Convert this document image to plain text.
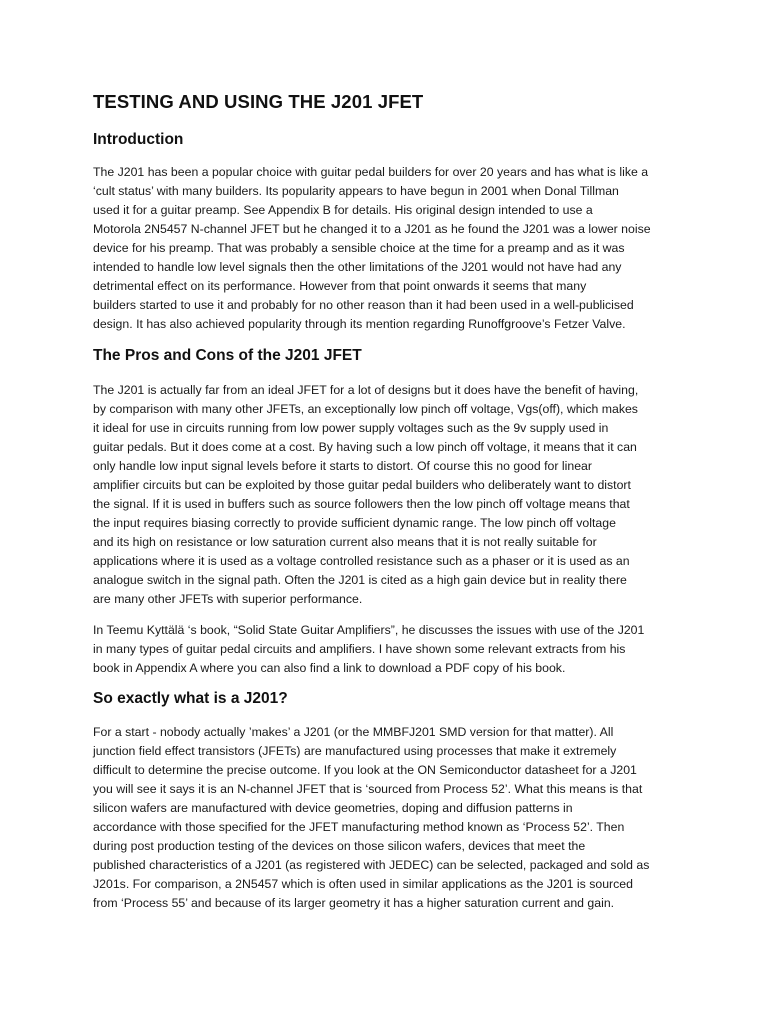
TESTING AND USING THE J201 JFET
Introduction
The J201 has been a popular choice with guitar pedal builders for over 20 years and has what is like a
‘cult status’ with many builders. Its popularity appears to have begun in 2001 when Donal Tillman
used it for a guitar preamp. See Appendix B for details. His original design intended to use a
Motorola 2N5457 N-channel JFET but he changed it to a J201 as he found the J201 was a lower noise
device for his preamp. That was probably a sensible choice at the time for a preamp and as it was
intended to handle low level signals then the other limitations of the J201 would not have had any
detrimental effect on its performance. However from that point onwards it seems that many
builders started to use it and probably for no other reason than it had been used in a well-publicised
design. It has also achieved popularity through its mention regarding Runoffgroove’s Fetzer Valve.
The Pros and Cons of the J201 JFET
The J201 is actually far from an ideal JFET for a lot of designs but it does have the benefit of having,
by comparison with many other JFETs, an exceptionally low pinch off voltage, Vgs(off), which makes
it ideal for use in circuits running from low power supply voltages such as the 9v supply used in
guitar pedals. But it does come at a cost. By having such a low pinch off voltage, it means that it can
only handle low input signal levels before it starts to distort. Of course this no good for linear
amplifier circuits but can be exploited by those guitar pedal builders who deliberately want to distort
the signal. If it is used in buffers such as source followers then the low pinch off voltage means that
the input requires biasing correctly to provide sufficient dynamic range. The low pinch off voltage
and its high on resistance or low saturation current also means that it is not really suitable for
applications where it is used as a voltage controlled resistance such as a phaser or it is used as an
analogue switch in the signal path. Often the J201 is cited as a high gain device but in reality there
are many other JFETs with superior performance.
In Teemu Kyttälä ‘s book, “Solid State Guitar Amplifiers”, he discusses the issues with use of the J201
in many types of guitar pedal circuits and amplifiers. I have shown some relevant extracts from his
book in Appendix A where you can also find a link to download a PDF copy of his book.
So exactly what is a J201?
For a start - nobody actually ’makes’ a J201 (or the MMBFJ201 SMD version for that matter). All
junction field effect transistors (JFETs) are manufactured using processes that make it extremely
difficult to determine the precise outcome. If you look at the ON Semiconductor datasheet for a J201
you will see it says it is an N-channel JFET that is ‘sourced from Process 52’. What this means is that
silicon wafers are manufactured with device geometries, doping and diffusion patterns in
accordance with those specified for the JFET manufacturing method known as ‘Process 52’. Then
during post production testing of the devices on those silicon wafers, devices that meet the
published characteristics of a J201 (as registered with JEDEC) can be selected, packaged and sold as
J201s. For comparison, a 2N5457 which is often used in similar applications as the J201 is sourced
from ‘Process 55’ and because of its larger geometry it has a higher saturation current and gain.
